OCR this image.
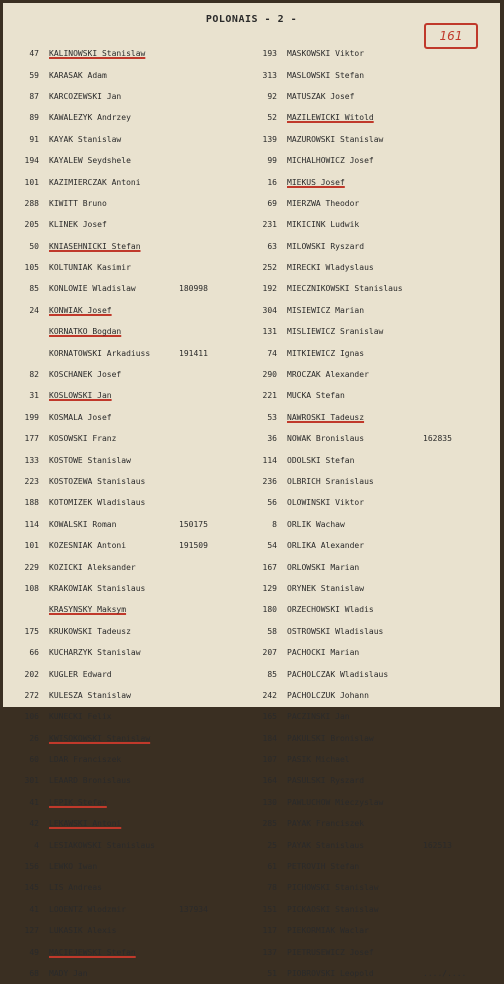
POLONAIS - 2 -
161
47 KALINOWSKI Stanislaw
59 KARASAK Adam
87 KARCOZEWSKI Jan
89 KAWALEZYK Andrzey
91 KAYAK Stanislaw
194 KAYALEW Seydshele
101 KAZIMIERCZAK Antoni
288 KIWITT Bruno
205 KLINEK Josef
50 KNIASEHNICKI Stefan
105 KOLTUNIAK Kasimir
85 KONLOWIE Wladislaw	180998
24 KONWIAK Josef
KORNATKO Bogdan
KORNATOWSKI Arkadiuss	191411
82 KOSCHANEK Josef
31 KOSLOWSKI Jan
199 KOSMALA Josef
177 KOSOWSKI Franz
133 KOSTOWE Stanislaw
223 KOSTOZEWA Stanislaus
188 KOTOMIZEK Wladislaus
114 KOWALSKI Roman	150175
101 KOZESNIAK Antoni	191509
229 KOZICKI Aleksander
108 KRAKOWIAK Stanislaus
KRASYNSKY Maksym
175 KRUKOWSKI Tadeusz
66 KUCHARZYK Stanislaw
202 KUGLER Edward
272 KULESZA Stanislaw
106 KUNECKI Felix
26 KWISOKOWSKI Stanislaw
60 LDAR Franciszek
301 LEAARD Bronislaus
41 LEPIK Stefan
42 LEKAWSKI Antoni
4 LESIAKOWSKI Stanislaus
156 LEWKO Iwan
145 LIS Andreas
41 LOOENTZ Wlodzmir	137934
127 LUKASIK Alexis
49 MACIEJEWSKI Stefan
68 MADY Jan
193 MASKOWSKI Viktor
313 MASLOWSKI Stefan
92 MATUSZAK Josef
52 MAZILEWICKI Witold
139 MAZUROWSKI Stanislaw
99 MICHALHOWICZ Josef
16 MIEKUS Josef
69 MIERZWA Theodor
231 MIKICINK Ludwik
63 MILOWSKI Ryszard
252 MIRECKI Wladyslaus
192 MIECZNIKOWSKI Stanislaus
304 MISIEWICZ Marian
131 MISLIEWICZ Sranislaw
74 MITKIEWICZ Ignas
290 MROCZAK Alexander
221 MUCKA Stefan
53 NAWROSKI Tadeusz
36 NOWAK Bronislaus	162835
114 ODOLSKI Stefan
236 OLBRICH Sranislaus
56 OLOWINSKI Viktor
8 ORLIK Wachaw
54 ORLIKA Alexander
167 ORLOWSKI Marian
129 ORYNEK Stanislaw
180 ORZECHOWSKI Wladis
58 OSTROWSKI Wladislaus
207 PACHOCKI Marian
85 PACHOLCZAK Wladislaus
242 PACHOLCZUK Johann
165 PACZINSKI Jan
184 PAKULSKI Bronislaw
107 PASIK Michael
164 PASULSKI Ryszard
130 PAWLUCHOW Mieczyslaw
285 PAYAK Franciszek
25 PAYAK Stanislaus	162513
61 PETROVIH Stefan
78 PICHOWSKI Stanislaw
151 PICKAOSKI Stanislaw
117 PIEKORMIAK Waclar
137 PIETRUSEWICZ Josef
51 PIOBROVSKI Leopold	..../....
